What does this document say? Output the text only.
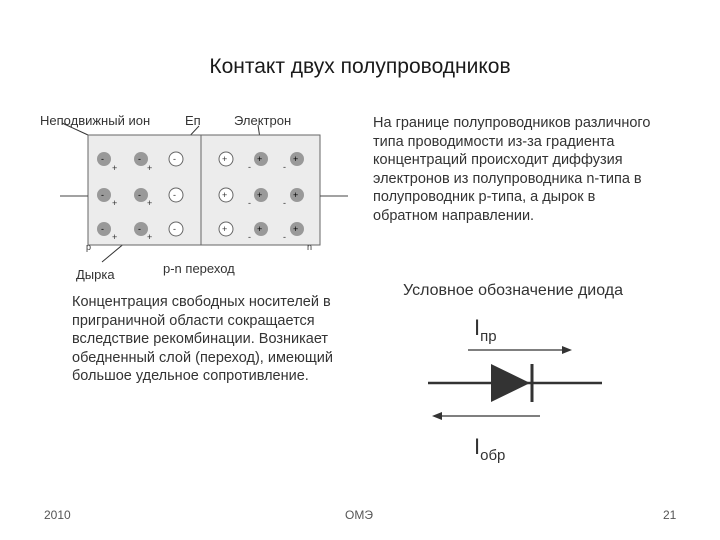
Контакт двух полупроводников
-
+
-
+
-
-
+
-
+
-
-
+
-
+
-
+	+
-
+
-
+	+
-
+
-
+	+
-
+
-
Неподвижный ион	Еп	Электрон
p	n
Дырка	p-n переход
На границе полупроводников различного
типа проводимости из-за градиента
концентраций происходит диффузия
электронов из полупроводника n-типа в
полупроводник p-типа, а дырок в
обратном направлении.
Концентрация свободных носителей в
приграничной области сокращается
вследствие рекомбинации. Возникает
обедненный слой (переход), имеющий
большое удельное сопротивление.
Условное обозначение диода
$I_{пр}$
$I_{обр}$
2010	ОМЭ	21
